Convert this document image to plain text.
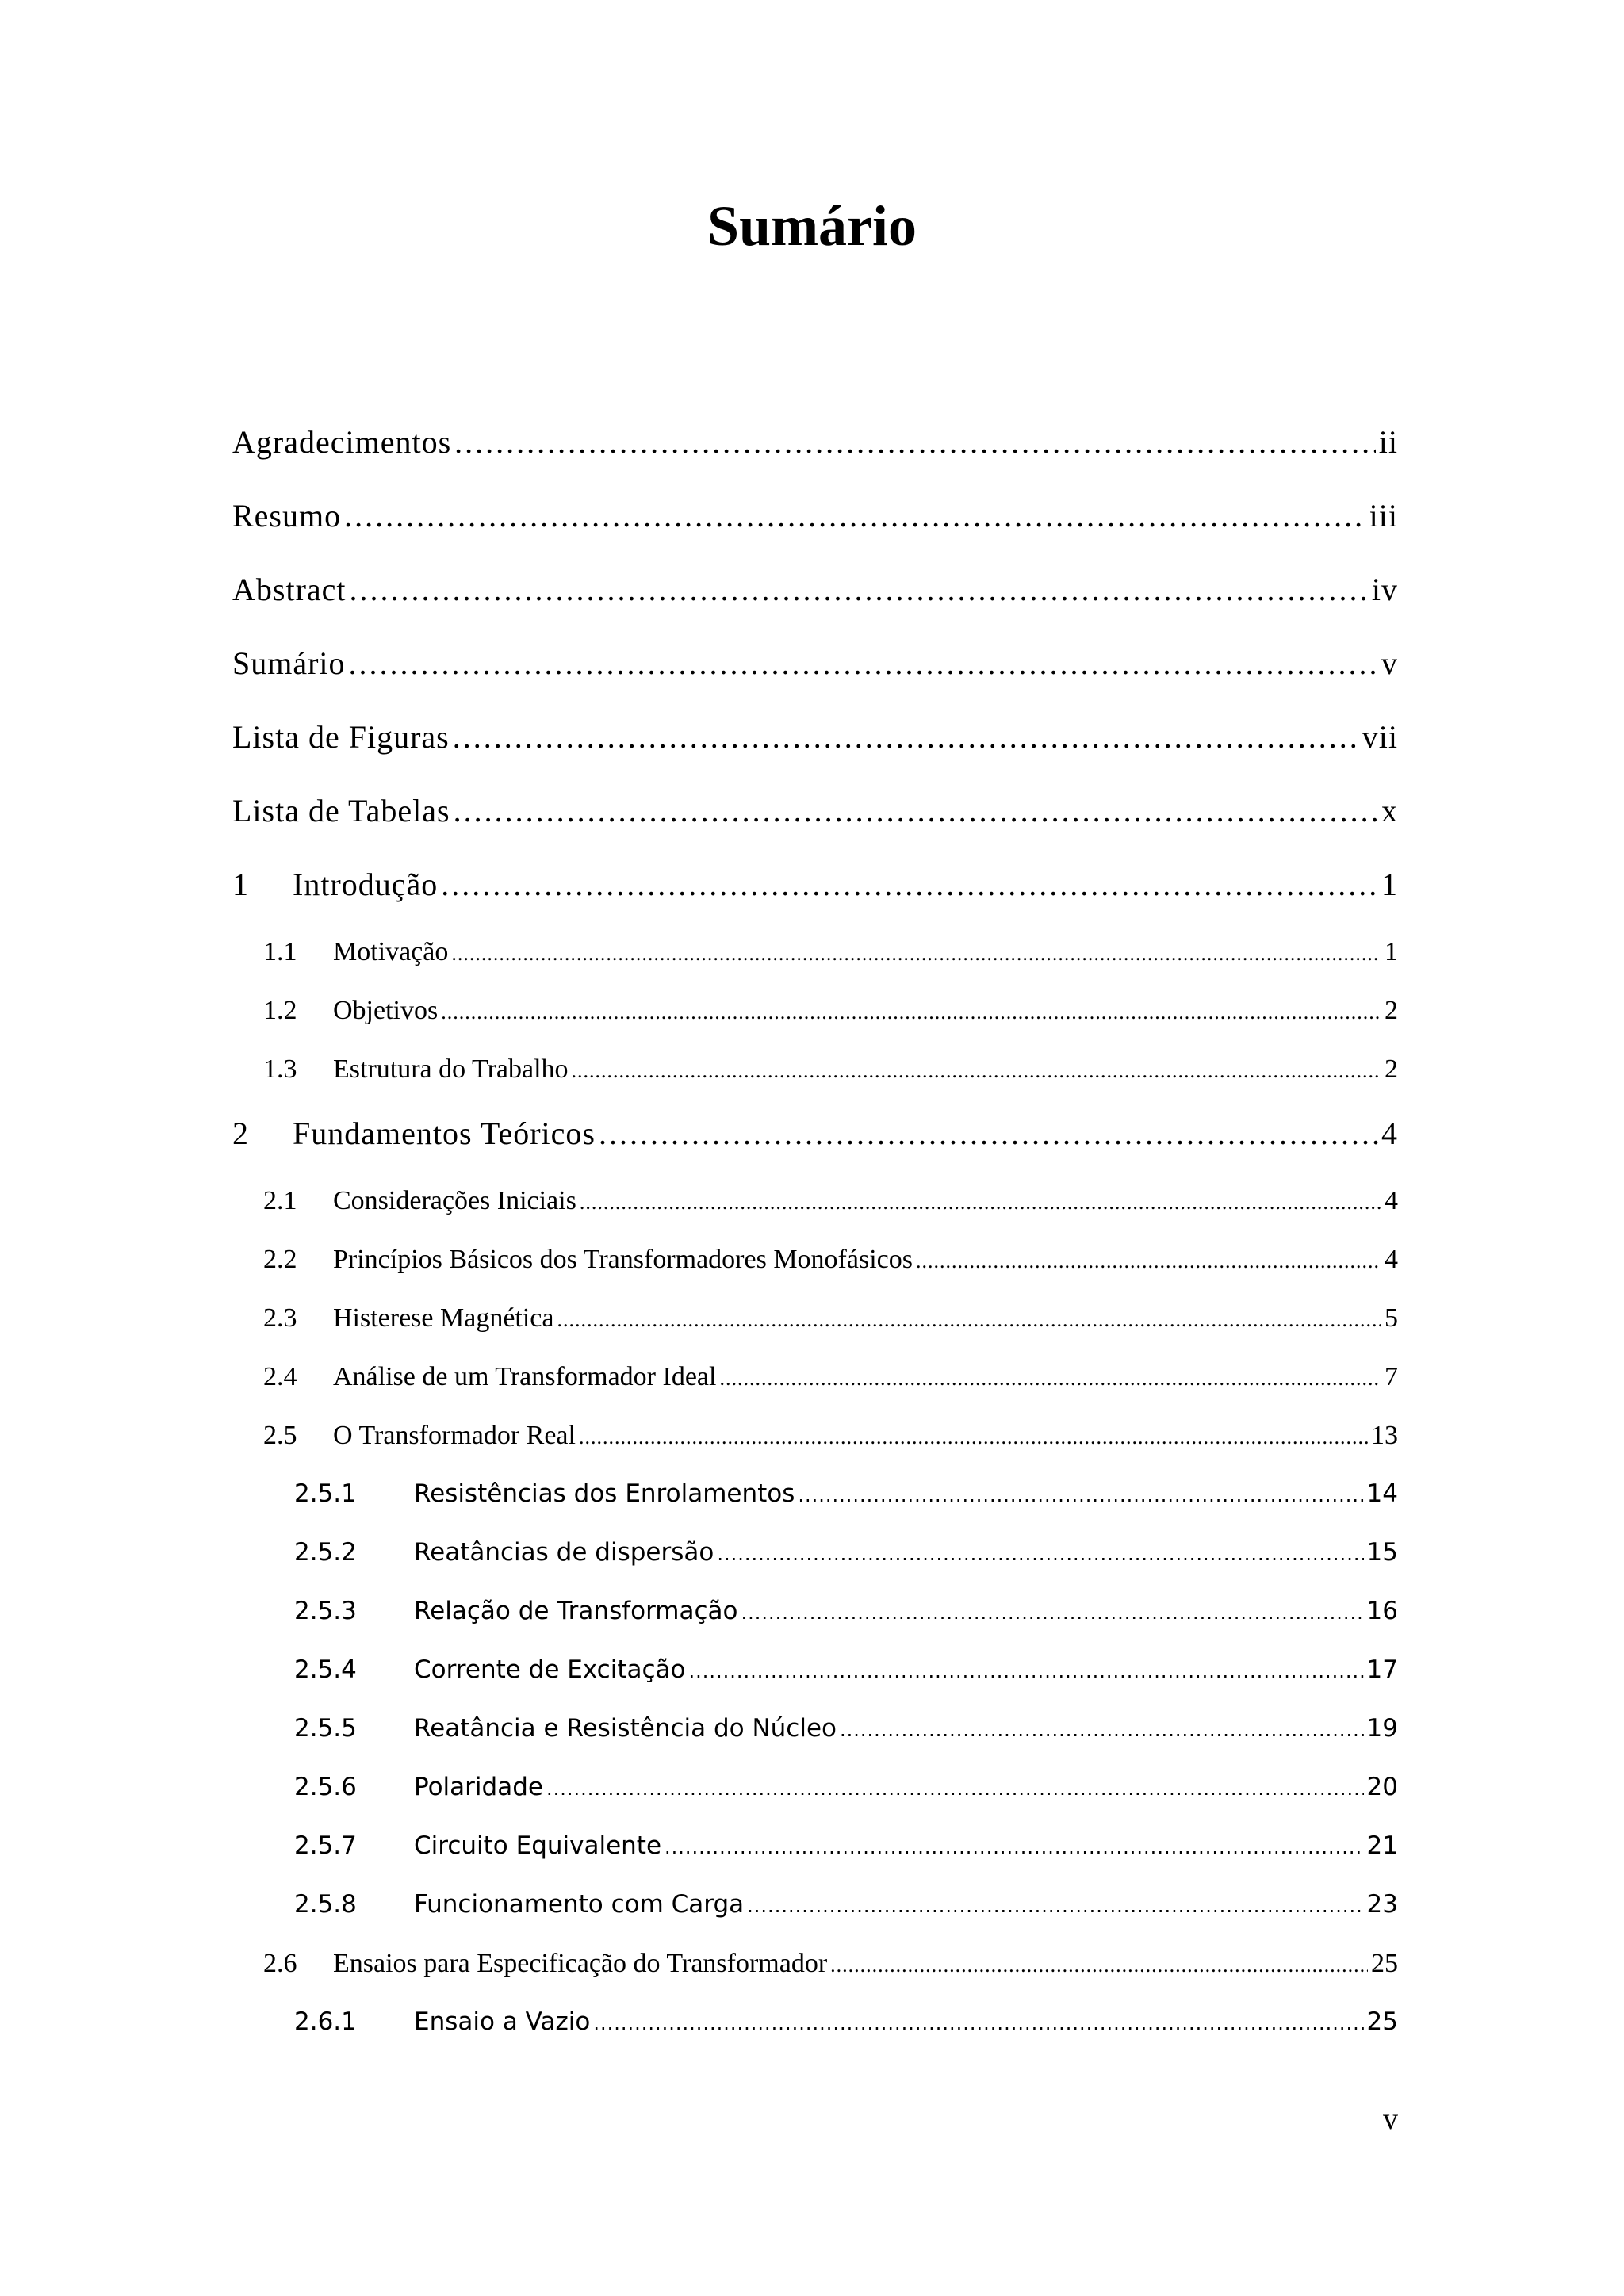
Sumário
Agradecimentos .....	ii
Resumo .....	iii
Abstract .....	iv
Sumário .....	v
Lista de Figuras .....	vii
Lista de Tabelas .....	x
1	Introdução .....	1
1.1	Motivação .....	1
1.2	Objetivos .....	2
1.3	Estrutura do Trabalho .....	2
2	Fundamentos Teóricos .....	4
2.1	Considerações Iniciais .....	4
2.2	Princípios Básicos dos Transformadores Monofásicos .....	4
2.3	Histerese Magnética .....	5
2.4	Análise de um Transformador Ideal .....	7
2.5	O Transformador Real .....	13
2.5.1	Resistências dos Enrolamentos .....	14
2.5.2	Reatâncias de dispersão .....	15
2.5.3	Relação de Transformação .....	16
2.5.4	Corrente de Excitação .....	17
2.5.5	Reatância e Resistência do Núcleo .....	19
2.5.6	Polaridade .....	20
2.5.7	Circuito Equivalente .....	21
2.5.8	Funcionamento com Carga .....	23
2.6	Ensaios para Especificação do Transformador .....	25
2.6.1	Ensaio a Vazio .....	25
v
